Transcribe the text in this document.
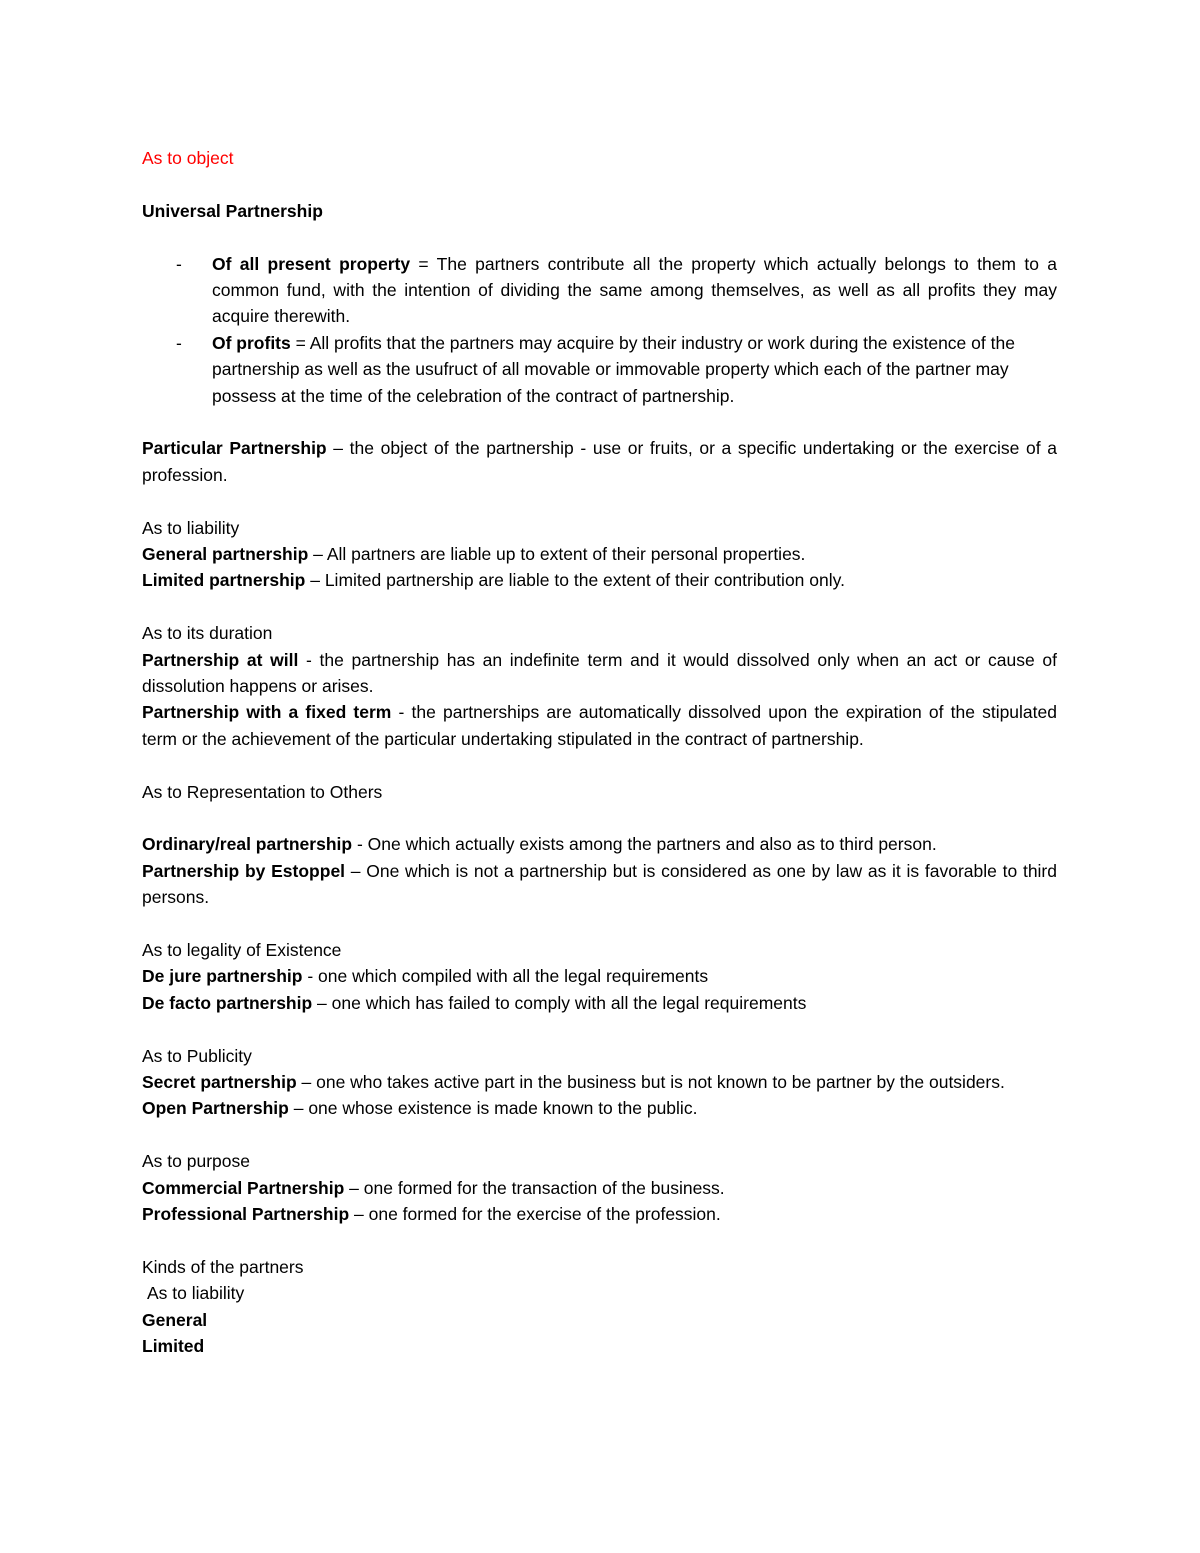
As to object
Universal Partnership
- Of all present property = The partners contribute all the property which actually belongs to them to a common fund, with the intention of dividing the same among themselves, as well as all profits they may acquire therewith.
- Of profits = All profits that the partners may acquire by their industry or work during the existence of the partnership as well as the usufruct of all movable or immovable property which each of the partner may possess at the time of the celebration of the contract of partnership.
Particular Partnership – the object of the partnership - use or fruits, or a specific undertaking or the exercise of a profession.
As to liability
General partnership – All partners are liable up to extent of their personal properties.
Limited partnership – Limited partnership are liable to the extent of their contribution only.
As to its duration
Partnership at will - the partnership has an indefinite term and it would dissolved only when an act or cause of dissolution happens or arises.
Partnership with a fixed term - the partnerships are automatically dissolved upon the expiration of the stipulated term or the achievement of the particular undertaking stipulated in the contract of partnership.
As to Representation to Others
Ordinary/real partnership - One which actually exists among the partners and also as to third person.
Partnership by Estoppel – One which is not a partnership but is considered as one by law as it is favorable to third persons.
As to legality of Existence
De jure partnership - one which compiled with all the legal requirements
De facto partnership – one which has failed to comply with all the legal requirements
As to Publicity
Secret partnership – one who takes active part in the business but is not known to be partner by the outsiders.
Open Partnership – one whose existence is made known to the public.
As to purpose
Commercial Partnership – one formed for the transaction of the business.
Professional Partnership – one formed for the exercise of the profession.
Kinds of the partners
As to liability
General
Limited
